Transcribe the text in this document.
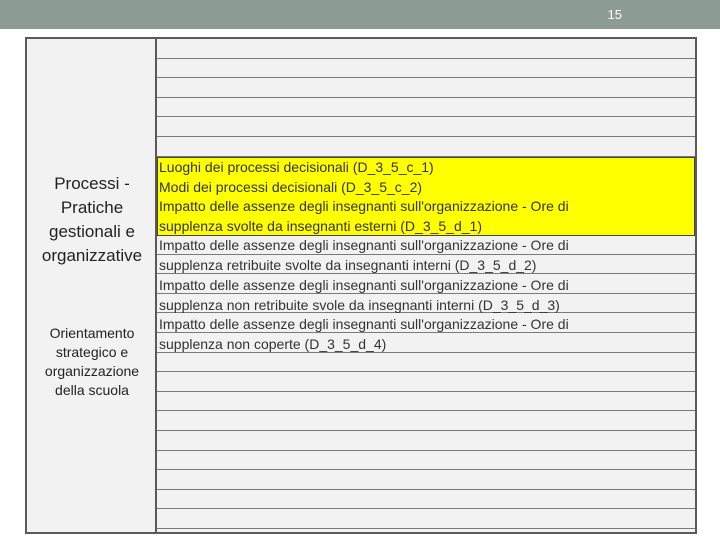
15
Processi -
Pratiche
gestionali e
organizzative
Orientamento
strategico e
organizzazione
della scuola
Luoghi dei processi decisionali (D_3_5_c_1)
Modi dei processi decisionali (D_3_5_c_2)
Impatto delle assenze degli insegnanti sull'organizzazione - Ore di
supplenza svolte da insegnanti esterni (D_3_5_d_1)
Impatto delle assenze degli insegnanti sull'organizzazione - Ore di
supplenza retribuite svolte da insegnanti interni (D_3_5_d_2)
Impatto delle assenze degli insegnanti sull'organizzazione - Ore di
supplenza non retribuite svole da insegnanti interni (D_3_5_d_3)
Impatto delle assenze degli insegnanti sull'organizzazione - Ore di
supplenza non coperte (D_3_5_d_4)
